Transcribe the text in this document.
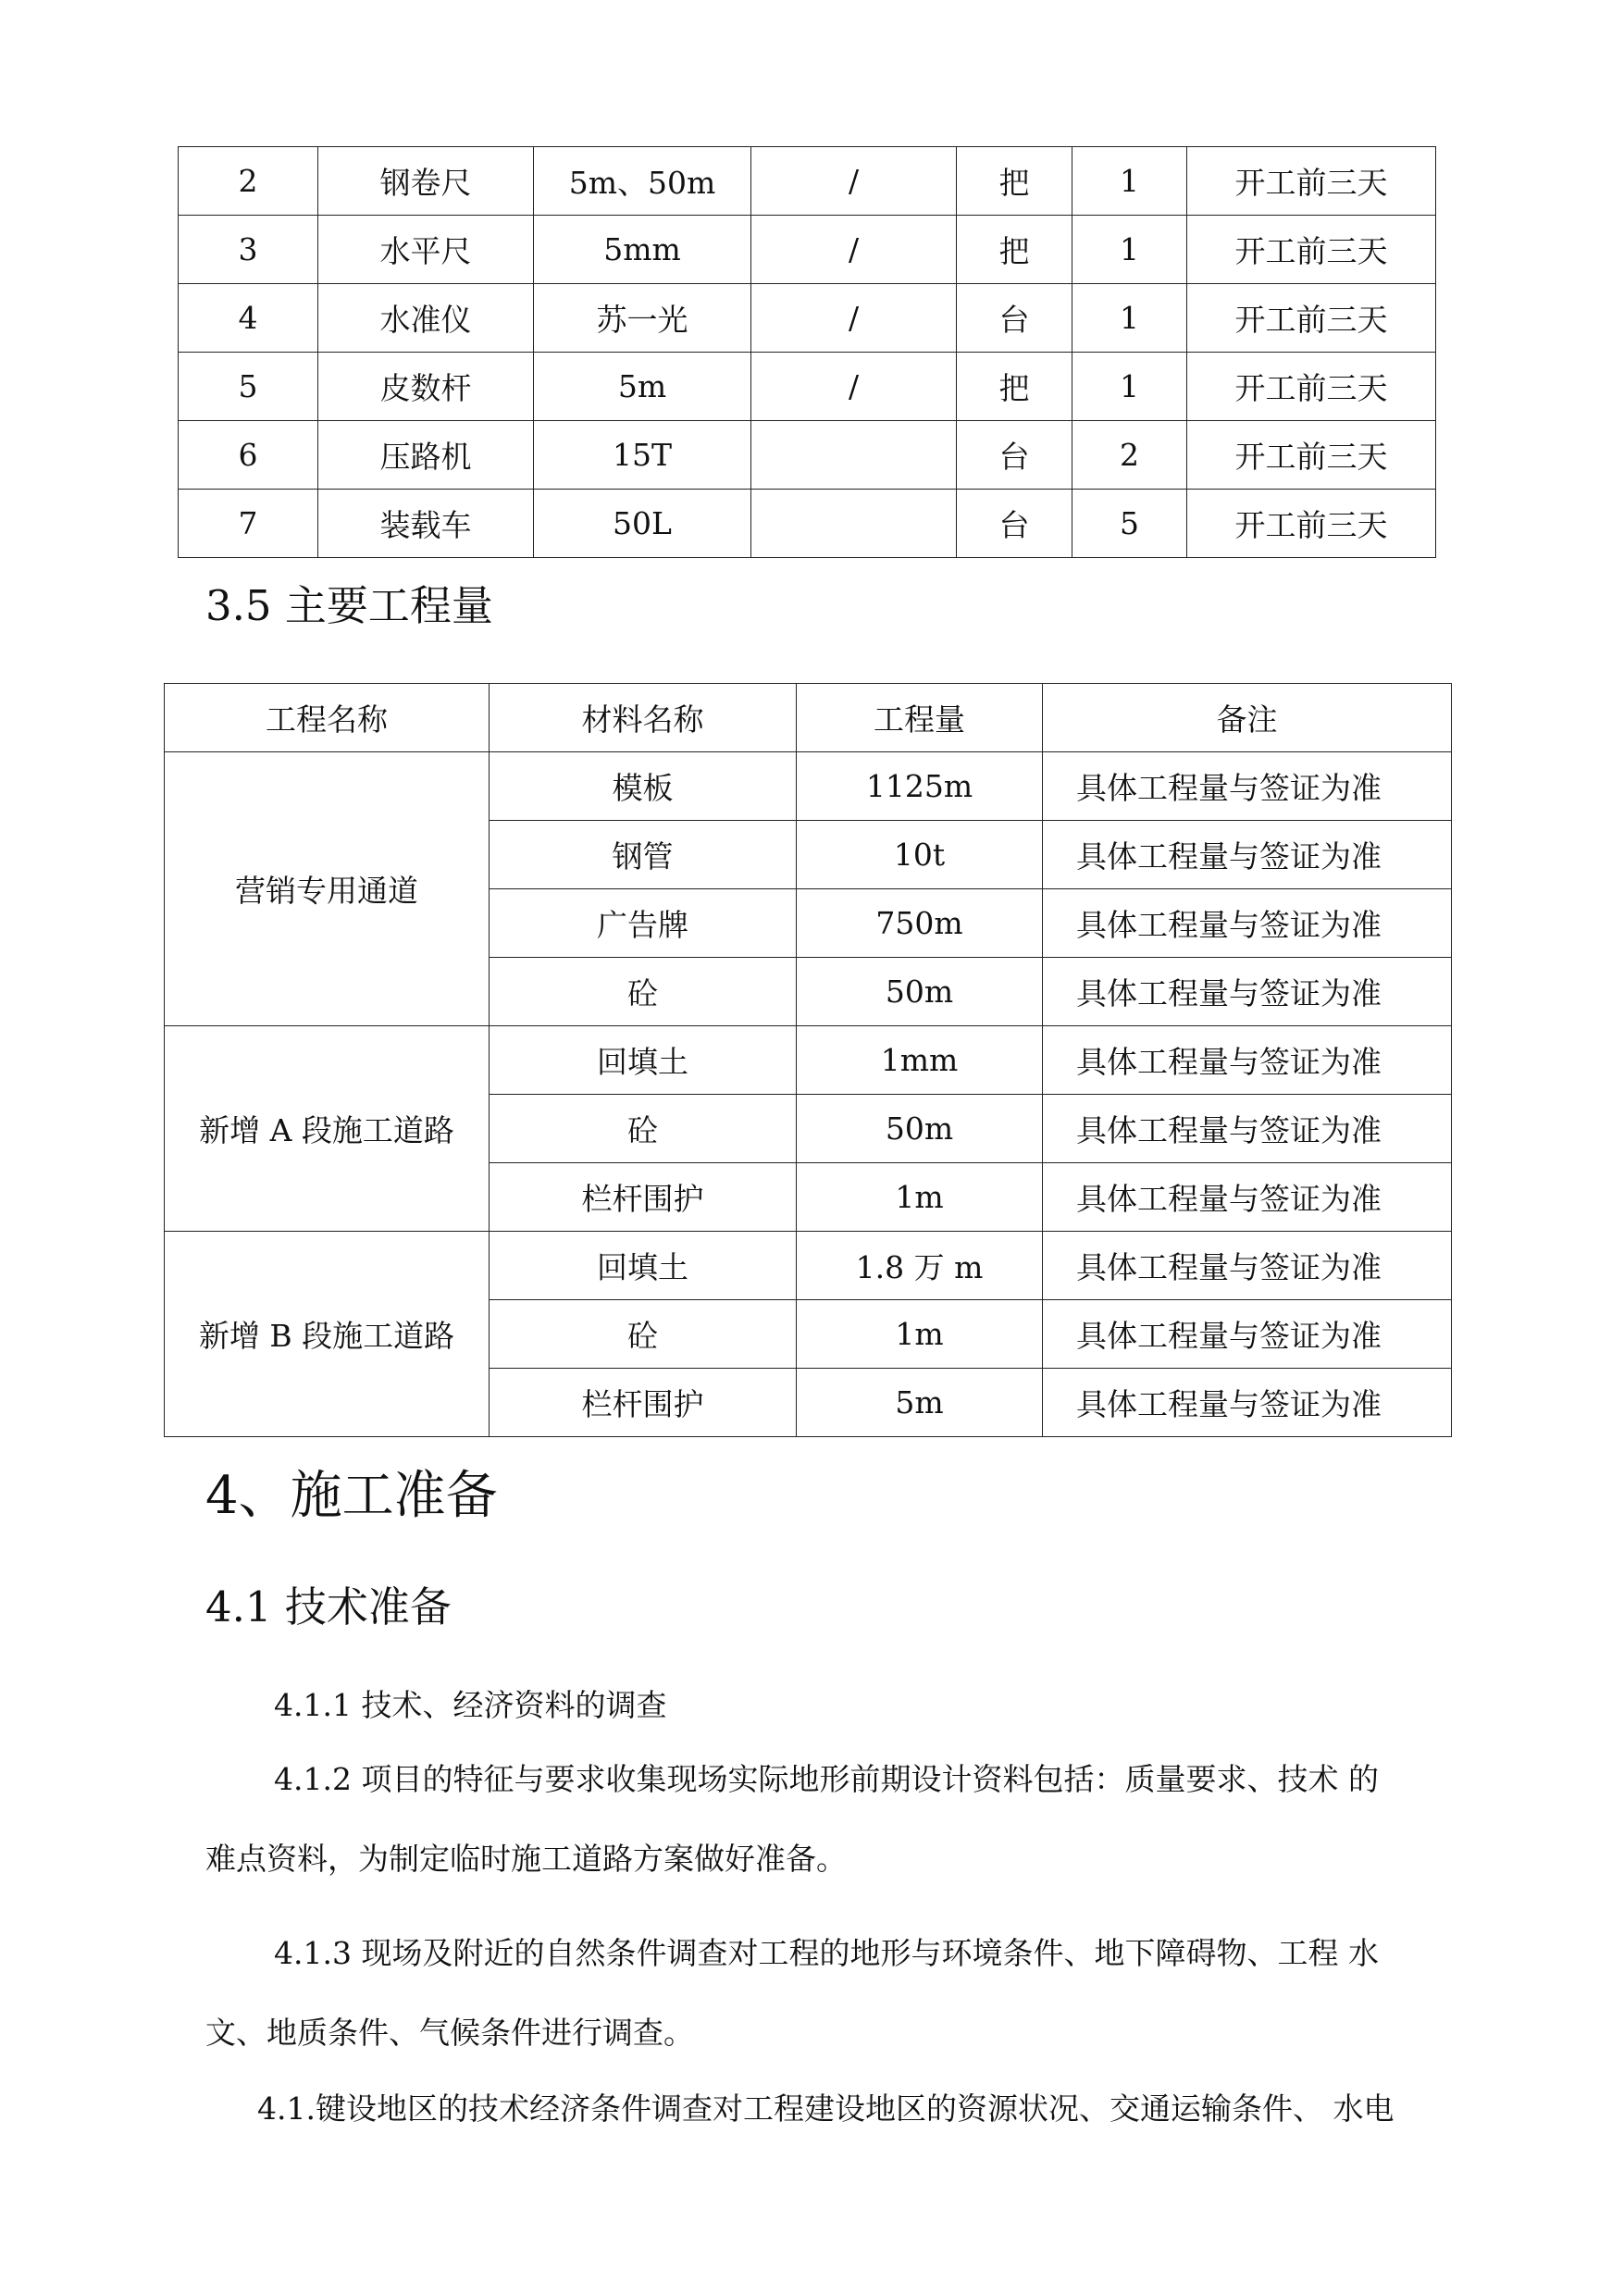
2	钢卷尺	5m、50m	/	把	1	开工前三天
3	水平尺	5mm	/	把	1	开工前三天
4	水准仪	苏一光	/	台	1	开工前三天
5	皮数杆	5m	/	把	1	开工前三天
6	压路机	15T		台	2	开工前三天
7	装载车	50L		台	5	开工前三天
3.5 主要工程量
工程名称	材料名称	工程量	备注
营销专用通道	模板	1125m	具体工程量与签证为准
	钢管	10t	具体工程量与签证为准
	广告牌	750m	具体工程量与签证为准
	砼	50m	具体工程量与签证为准
新增 A 段施工道路	回填土	1mm	具体工程量与签证为准
	砼	50m	具体工程量与签证为准
	栏杆围护	1m	具体工程量与签证为准
新增 B 段施工道路	回填土	1.8 万 m	具体工程量与签证为准
	砼	1m	具体工程量与签证为准
	栏杆围护	5m	具体工程量与签证为准
4、施工准备
4.1 技术准备
4.1.1 技术、经济资料的调查
4.1.2 项目的特征与要求收集现场实际地形前期设计资料包括：质量要求、技术 的
难点资料，为制定临时施工道路方案做好准备。
4.1.3 现场及附近的自然条件调查对工程的地形与环境条件、地下障碍物、工程 水
文、地质条件、气候条件进行调查。
4.1.键设地区的技术经济条件调查对工程建设地区的资源状况、交通运输条件、 水电
